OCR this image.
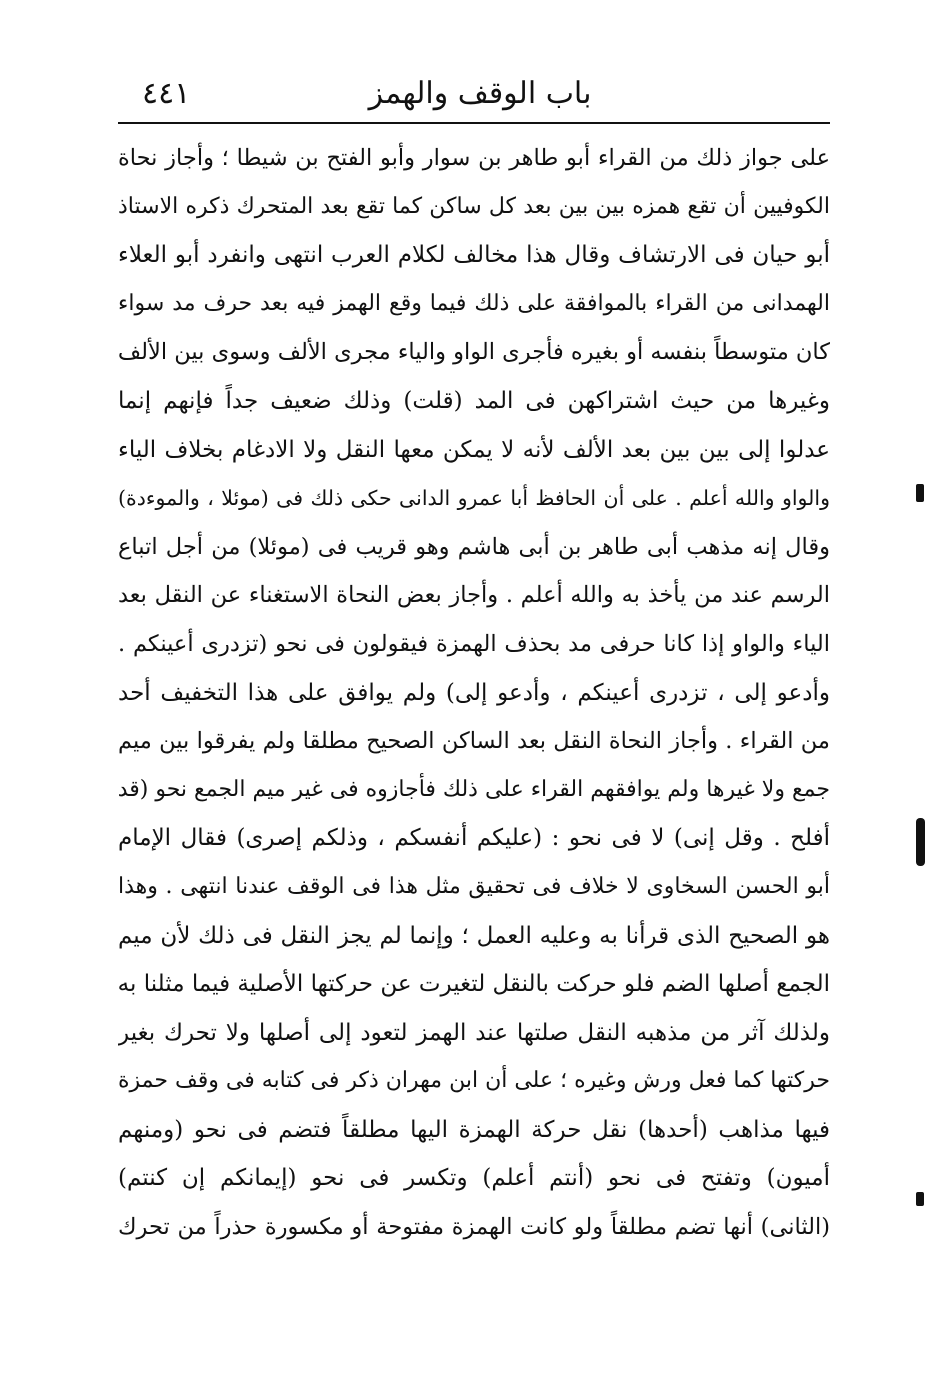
٤٤١	باب الوقف والهمز
على جواز ذلك من القراء أبو طاهر بن سوار وأبو الفتح بن شيطا ؛ وأجاز نحاة
الكوفيين أن تقع همزه بين بين بعد كل ساكن كما تقع بعد المتحرك ذكره الاستاذ
أبو حيان فى الارتشاف وقال هذا مخالف لكلام العرب انتهى وانفرد أبو العلاء
الهمدانى من القراء بالموافقة على ذلك فيما وقع الهمز فيه بعد حرف مد سواء
كان متوسطاً بنفسه أو بغيره فأجرى الواو والياء مجرى الألف وسوى بين الألف
وغيرها من حيث اشتراكهن فى المد (قلت) وذلك ضعيف جداً فإنهم إنما
عدلوا إلى بين بين بعد الألف لأنه لا يمكن معها النقل ولا الادغام بخلاف الياء
والواو والله أعلم . على أن الحافظ أبا عمرو الدانى حكى ذلك فى (موئلا ، والموءدة)
وقال إنه مذهب أبى طاهر بن أبى هاشم وهو قريب فى (موئلا) من أجل اتباع
الرسم عند من يأخذ به والله أعلم . وأجاز بعض النحاة الاستغناء عن النقل بعد
الياء والواو إذا كانا حرفى مد بحذف الهمزة فيقولون فى نحو (تزدرى أعينكم .
وأدعو إلى ، تزدرى أعينكم ، وأدعو إلى) ولم يوافق على هذا التخفيف أحد
من القراء . وأجاز النحاة النقل بعد الساكن الصحيح مطلقا ولم يفرقوا بين ميم
جمع ولا غيرها ولم يوافقهم القراء على ذلك فأجازوه فى غير ميم الجمع نحو (قد
أفلح . وقل إنى) لا فى نحو : (عليكم أنفسكم ، وذلكم إصرى) فقال الإمام
أبو الحسن السخاوى لا خلاف فى تحقيق مثل هذا فى الوقف عندنا انتهى . وهذا
هو الصحيح الذى قرأنا به وعليه العمل ؛ وإنما لم يجز النقل فى ذلك لأن ميم
الجمع أصلها الضم فلو حركت بالنقل لتغيرت عن حركتها الأصلية فيما مثلنا به
ولذلك آثر من مذهبه النقل صلتها عند الهمز لتعود إلى أصلها ولا تحرك بغير
حركتها كما فعل ورش وغيره ؛ على أن ابن مهران ذكر فى كتابه فى وقف حمزة
فيها مذاهب (أحدها) نقل حركة الهمزة اليها مطلقاً فتضم فى نحو (ومنهم
أميون) وتفتح فى نحو (أنتم أعلم) وتكسر فى نحو (إيمانكم إن كنتم)
(الثانى) أنها تضم مطلقاً ولو كانت الهمزة مفتوحة أو مكسورة حذراً من تحرك
